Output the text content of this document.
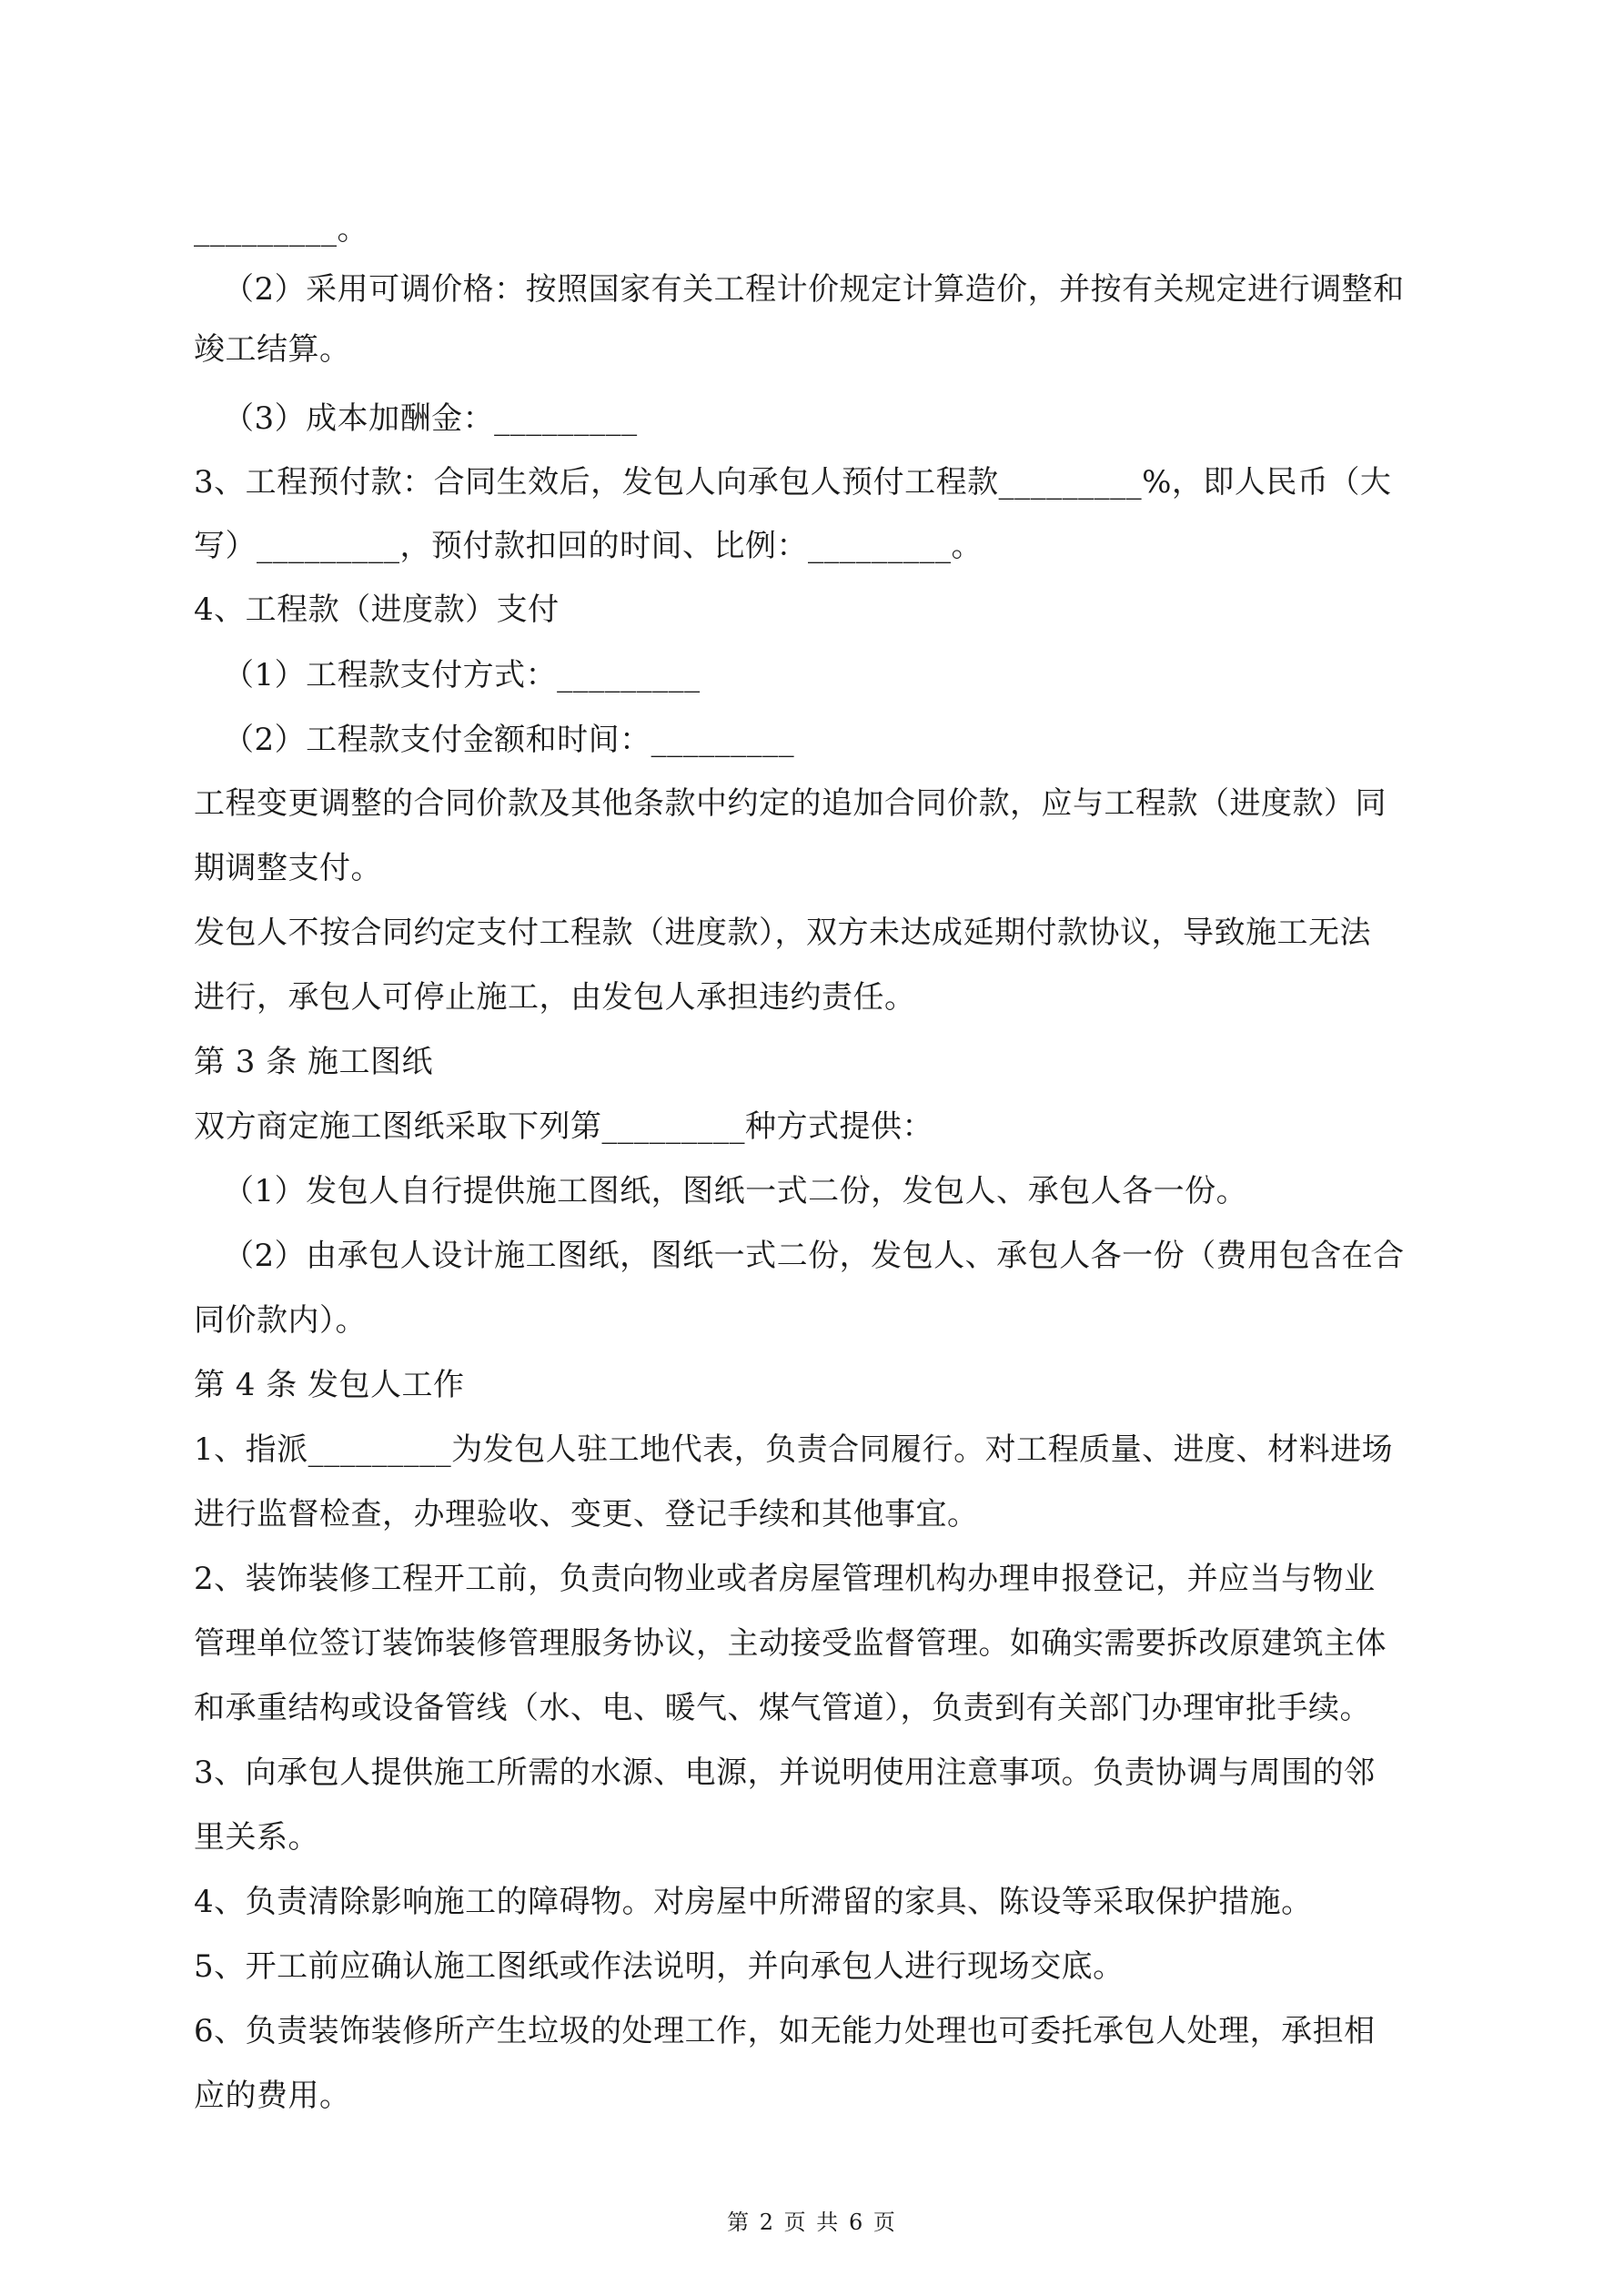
_________。
（2）采用可调价格：按照国家有关工程计价规定计算造价，并按有关规定进行调整和
竣工结算。
（3）成本加酬金：_________
3、工程预付款：合同生效后，发包人向承包人预付工程款_________%，即人民币（大
写）_________，预付款扣回的时间、比例：_________。
4、工程款（进度款）支付
（1）工程款支付方式：_________
（2）工程款支付金额和时间：_________
工程变更调整的合同价款及其他条款中约定的追加合同价款，应与工程款（进度款）同
期调整支付。
发包人不按合同约定支付工程款（进度款），双方未达成延期付款协议，导致施工无法
进行，承包人可停止施工，由发包人承担违约责任。
第 3 条 施工图纸
双方商定施工图纸采取下列第_________种方式提供：
（1）发包人自行提供施工图纸，图纸一式二份，发包人、承包人各一份。
（2）由承包人设计施工图纸，图纸一式二份，发包人、承包人各一份（费用包含在合
同价款内）。
第 4 条 发包人工作
1、指派_________为发包人驻工地代表，负责合同履行。对工程质量、进度、材料进场
进行监督检查，办理验收、变更、登记手续和其他事宜。
2、装饰装修工程开工前，负责向物业或者房屋管理机构办理申报登记，并应当与物业
管理单位签订装饰装修管理服务协议，主动接受监督管理。如确实需要拆改原建筑主体
和承重结构或设备管线（水、电、暖气、煤气管道），负责到有关部门办理审批手续。
3、向承包人提供施工所需的水源、电源，并说明使用注意事项。负责协调与周围的邻
里关系。
4、负责清除影响施工的障碍物。对房屋中所滞留的家具、陈设等采取保护措施。
5、开工前应确认施工图纸或作法说明，并向承包人进行现场交底。
6、负责装饰装修所产生垃圾的处理工作，如无能力处理也可委托承包人处理，承担相
应的费用。
第 2 页 共 6 页
